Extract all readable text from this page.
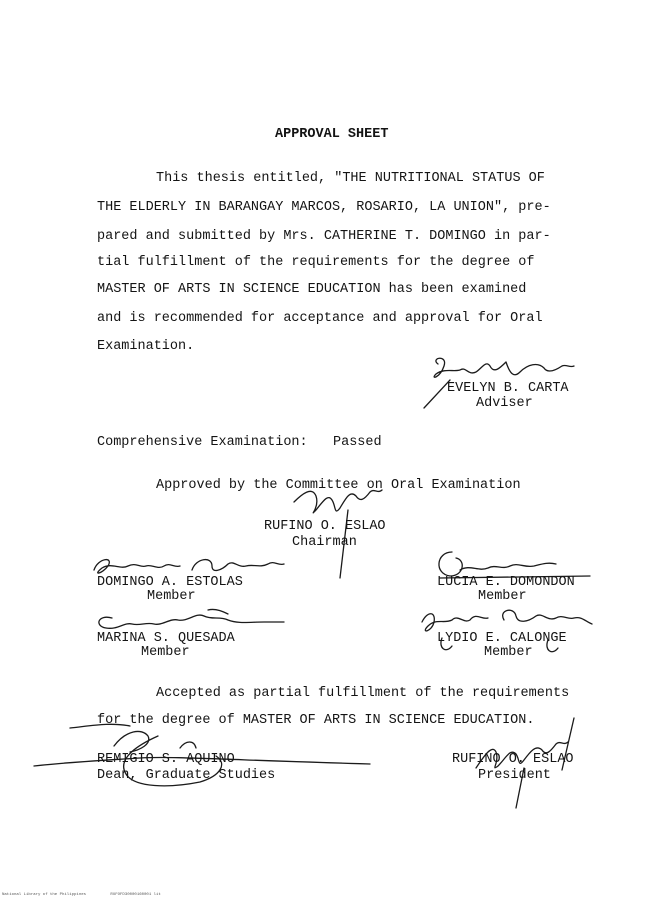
APPROVAL SHEET
This thesis entitled, "THE NUTRITIONAL STATUS OF
THE ELDERLY IN BARANGAY MARCOS, ROSARIO, LA UNION", pre-
pared and submitted by Mrs. CATHERINE T. DOMINGO in par-
tial fulfillment of the requirements for the degree of
MASTER OF ARTS IN SCIENCE EDUCATION has been examined
and is recommended for acceptance and approval for Oral
Examination.
EVELYN B. CARTA
Adviser
Comprehensive Examination: Passed
Approved by the Committee on Oral Examination
RUFINO O. ESLAO
Chairman
DOMINGO A. ESTOLAS
Member
LUCIA E. DOMONDON
Member
MARINA S. QUESADA
Member
LYDIO E. CALONGE
Member
Accepted as partial fulfillment of the requirements
for the degree of MASTER OF ARTS IN SCIENCE EDUCATION.
REMIGIO S. AQUINO
Dean, Graduate Studies
RUFINO O. ESLAO
President
National Library of the Philippines	RUFOFD30000160001 lit
